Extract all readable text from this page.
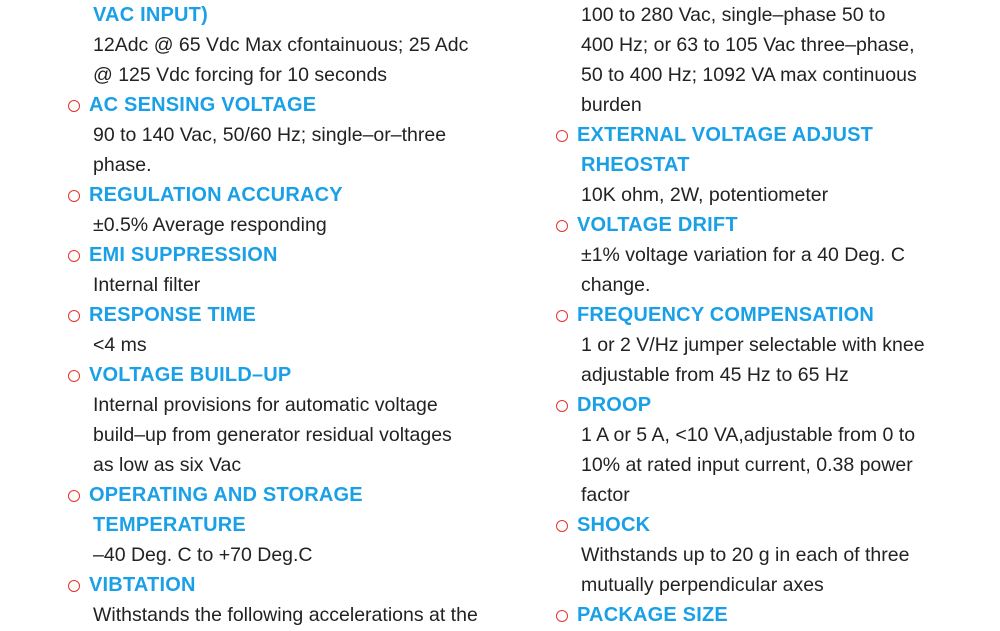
VAC INPUT)
12Adc @ 65 Vdc Max cfontainuous; 25 Adc
@ 125 Vdc forcing for 10 seconds
AC SENSING VOLTAGE
90 to 140 Vac, 50/60 Hz; single–or–three
phase.
REGULATION ACCURACY
±0.5% Average responding
EMI SUPPRESSION
Internal filter
RESPONSE TIME
<4 ms
VOLTAGE BUILD–UP
Internal provisions for automatic voltage
build–up from generator residual voltages
as low as six Vac
OPERATING AND STORAGE
TEMPERATURE
–40 Deg. C to +70 Deg.C
VIBTATION
Withstands the following accelerations at the
100 to 280 Vac, single–phase 50 to
400 Hz; or 63 to 105 Vac three–phase,
50 to 400 Hz; 1092 VA max continuous
burden
EXTERNAL VOLTAGE ADJUST
RHEOSTAT
10K ohm, 2W, potentiometer
VOLTAGE DRIFT
±1% voltage variation for a 40 Deg. C
change.
FREQUENCY COMPENSATION
1 or 2 V/Hz jumper selectable with knee
adjustable from 45 Hz to 65 Hz
DROOP
1 A or 5 A, <10 VA,adjustable from 0 to
10% at rated input current, 0.38 power
factor
SHOCK
Withstands up to 20 g in each of three
mutually perpendicular axes
PACKAGE SIZE
